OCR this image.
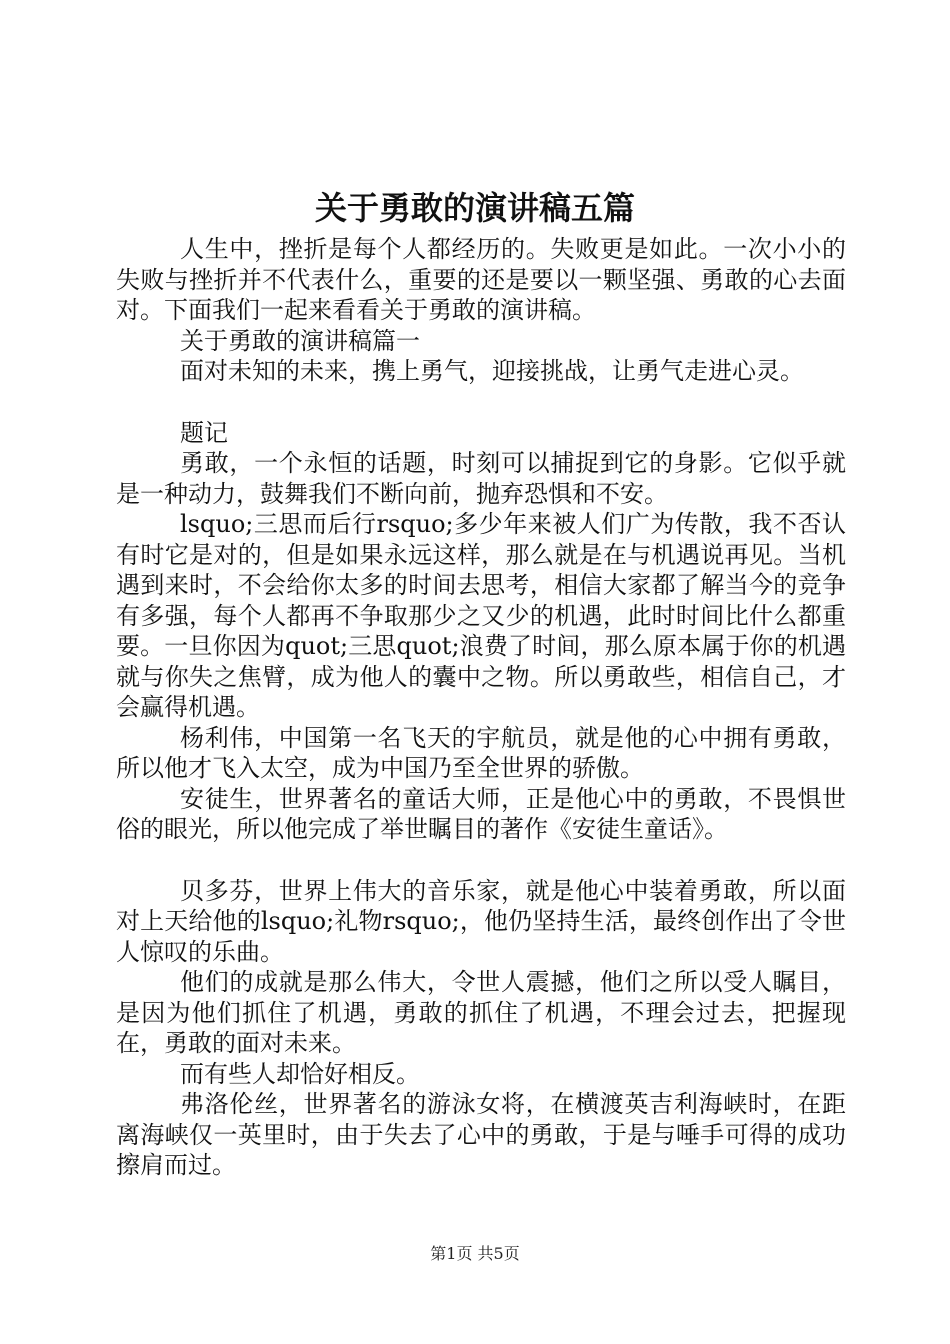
关于勇敢的演讲稿五篇

人生中，挫折是每个人都经历的。失败更是如此。一次小小的失败与挫折并不代表什么，重要的还是要以一颗坚强、勇敢的心去面对。下面我们一起来看看关于勇敢的演讲稿。

关于勇敢的演讲稿篇一

面对未知的未来，携上勇气，迎接挑战，让勇气走进心灵。

题记

勇敢，一个永恒的话题，时刻可以捕捉到它的身影。它似乎就是一种动力，鼓舞我们不断向前，抛弃恐惧和不安。

lsquo;三思而后行rsquo;多少年来被人们广为传散，我不否认有时它是对的，但是如果永远这样，那么就是在与机遇说再见。当机遇到来时，不会给你太多的时间去思考，相信大家都了解当今的竞争有多强，每个人都再不争取那少之又少的机遇，此时时间比什么都重要。一旦你因为quot;三思quot;浪费了时间，那么原本属于你的机遇就与你失之焦臂，成为他人的囊中之物。所以勇敢些，相信自己，才会赢得机遇。

杨利伟，中国第一名飞天的宇航员，就是他的心中拥有勇敢，所以他才飞入太空，成为中国乃至全世界的骄傲。

安徒生，世界著名的童话大师，正是他心中的勇敢，不畏惧世俗的眼光，所以他完成了举世瞩目的著作《安徒生童话》。

贝多芬，世界上伟大的音乐家，就是他心中装着勇敢，所以面对上天给他的lsquo;礼物rsquo;，他仍坚持生活，最终创作出了令世人惊叹的乐曲。

他们的成就是那么伟大，令世人震撼，他们之所以受人瞩目，是因为他们抓住了机遇，勇敢的抓住了机遇，不理会过去，把握现在，勇敢的面对未来。

而有些人却恰好相反。

弗洛伦丝，世界著名的游泳女将，在横渡英吉利海峡时，在距离海峡仅一英里时，由于失去了心中的勇敢，于是与唾手可得的成功擦肩而过。

第1页 共5页
